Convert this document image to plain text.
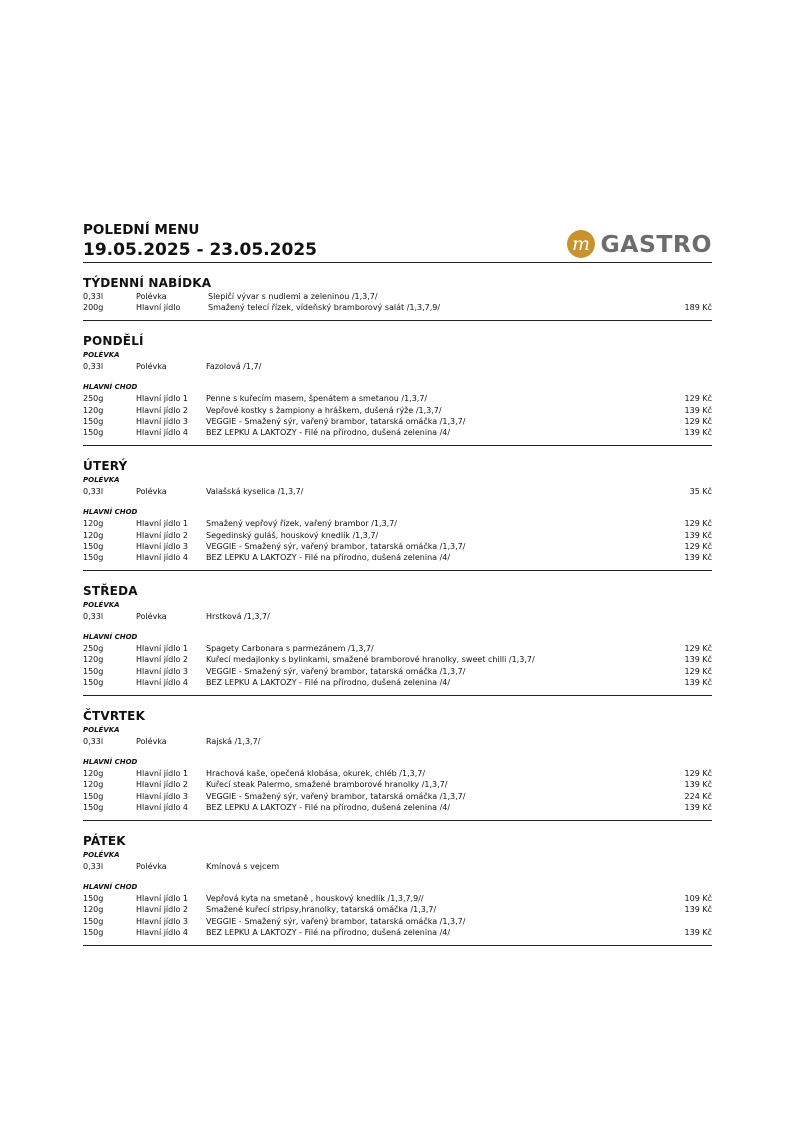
POLEDNÍ MENU
19.05.2025 - 23.05.2025	m GASTRO
TÝDENNÍ NABÍDKA
0,33l	Polévka	Slepičí vývar s nudlemi a zeleninou /1,3,7/
200g	Hlavní jídlo	Smažený telecí řízek, vídeňský bramborový salát /1,3,7,9/	189 Kč
PONDĚLÍ
POLÉVKA
0,33l	Polévka	Fazolová /1,7/
HLAVNÍ CHOD
250g	Hlavní jídlo 1	Penne s kuřecím masem, špenátem a smetanou /1,3,7/	129 Kč
120g	Hlavní jídlo 2	Vepřové kostky s žampiony a hráškem, dušená rýže /1,3,7/	139 Kč
150g	Hlavní jídlo 3	VEGGIE - Smažený sýr, vařený brambor, tatarská omáčka /1,3,7/	129 Kč
150g	Hlavní jídlo 4	BEZ LEPKU A LAKTOZY - Filé na přírodno, dušená zelenina /4/	139 Kč
ÚTERÝ
POLÉVKA
0,33l	Polévka	Valašská kyselica /1,3,7/	35 Kč
HLAVNÍ CHOD
120g	Hlavní jídlo 1	Smažený vepřový řízek, vařený brambor /1,3,7/	129 Kč
120g	Hlavní jídlo 2	Segedinský guláš, houskový knedlík /1,3,7/	139 Kč
150g	Hlavní jídlo 3	VEGGIE - Smažený sýr, vařený brambor, tatarská omáčka /1,3,7/	129 Kč
150g	Hlavní jídlo 4	BEZ LEPKU A LAKTOZY - Filé na přírodno, dušená zelenina /4/	139 Kč
STŘEDA
POLÉVKA
0,33l	Polévka	Hrstková /1,3,7/
HLAVNÍ CHOD
250g	Hlavní jídlo 1	Spagety Carbonara s parmezánem /1,3,7/	129 Kč
120g	Hlavní jídlo 2	Kuřecí medajlonky s bylinkami, smažené bramborové hranolky, sweet chilli /1,3,7/	139 Kč
150g	Hlavní jídlo 3	VEGGIE - Smažený sýr, vařený brambor, tatarská omáčka /1,3,7/	129 Kč
150g	Hlavní jídlo 4	BEZ LEPKU A LAKTOZY - Filé na přírodno, dušená zelenina /4/	139 Kč
ČTVRTEK
POLÉVKA
0,33l	Polévka	Rajská /1,3,7/
HLAVNÍ CHOD
120g	Hlavní jídlo 1	Hrachová kaše, opečená klobása, okurek, chléb /1,3,7/	129 Kč
120g	Hlavní jídlo 2	Kuřecí steak Palermo, smažené bramborové hranolky /1,3,7/	139 Kč
150g	Hlavní jídlo 3	VEGGIE - Smažený sýr, vařený brambor, tatarská omáčka /1,3,7/	224 Kč
150g	Hlavní jídlo 4	BEZ LEPKU A LAKTOZY - Filé na přírodno, dušená zelenina /4/	139 Kč
PÁTEK
POLÉVKA
0,33l	Polévka	Kmínová s vejcem
HLAVNÍ CHOD
150g	Hlavní jídlo 1	Vepřová kyta na smetaně , houskový knedlík /1,3,7,9//	109 Kč
120g	Hlavní jídlo 2	Smažené kuřecí stripsy,hranolky, tatarská omáčka /1,3,7/	139 Kč
150g	Hlavní jídlo 3	VEGGIE - Smažený sýr, vařený brambor, tatarská omáčka /1,3,7/
150g	Hlavní jídlo 4	BEZ LEPKU A LAKTOZY - Filé na přírodno, dušená zelenina /4/	139 Kč
